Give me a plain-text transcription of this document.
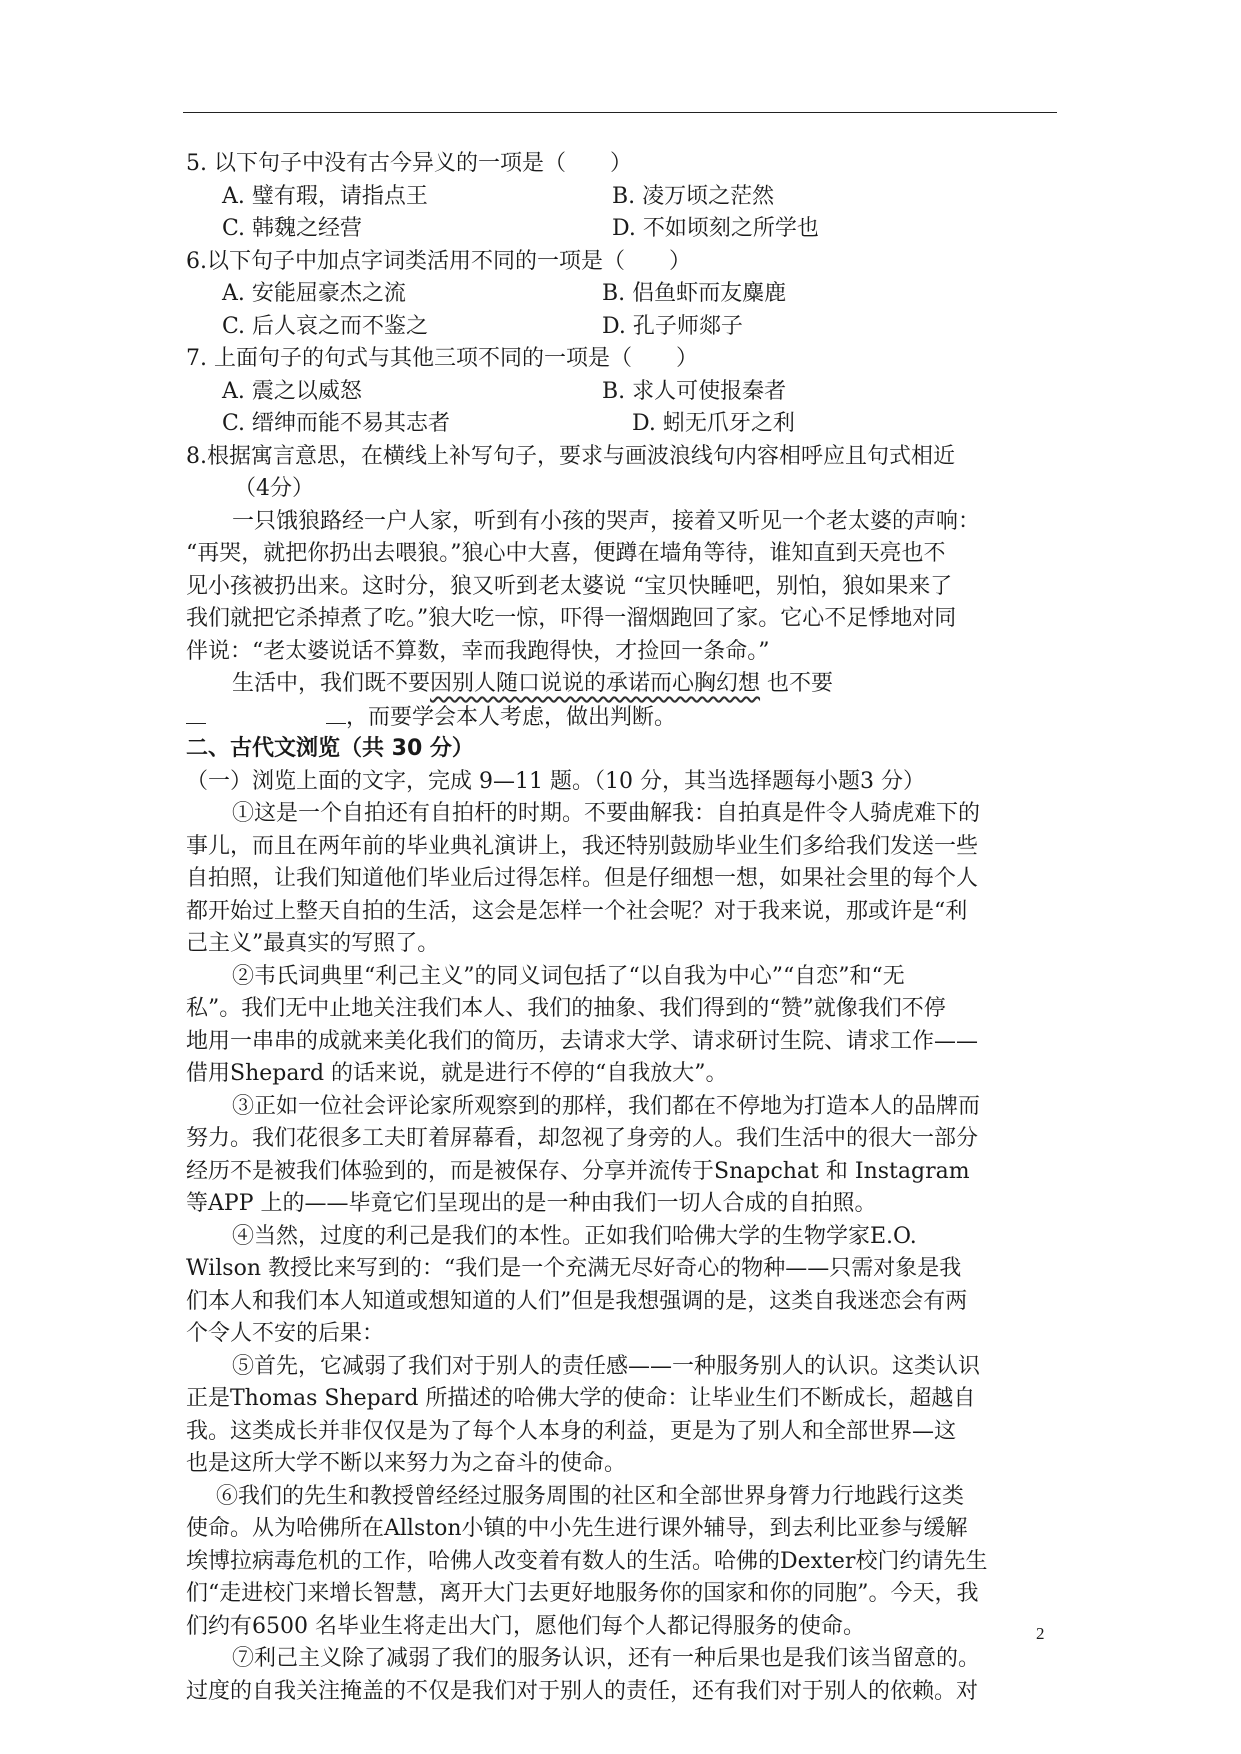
5. 以下句子中没有古今异义的一项是（　　）
A. 璧有瑕，请指点王	B. 凌万顷之茫然
C. 韩魏之经营	D. 不如顷刻之所学也
6.以下句子中加点字词类活用不同的一项是（　　）
A. 安能屈豪杰之流	B. 侣鱼虾而友麋鹿
C. 后人哀之而不鉴之	D. 孔子师郯子
7. 上面句子的句式与其他三项不同的一项是（　　）
A. 震之以威怒	B. 求人可使报秦者
C. 缙绅而能不易其志者	D. 蚓无爪牙之利
8.根据寓言意思，在横线上补写句子，要求与画波浪线句内容相呼应且句式相近
（4分）
一只饿狼路经一户人家，听到有小孩的哭声，接着又听见一个老太婆的声响：
“再哭，就把你扔出去喂狼。”狼心中大喜，便蹲在墙角等待，谁知直到天亮也不
见小孩被扔出来。这时分，狼又听到老太婆说 “宝贝快睡吧，别怕，狼如果来了
我们就把它杀掉煮了吃。”狼大吃一惊，吓得一溜烟跑回了家。它心不足悸地对同
伴说：“老太婆说话不算数，幸而我跑得快，才捡回一条命。”
生活中，我们既不要因别人随口说说的承诺而心胸幻想 也不要
，而要学会本人考虑，做出判断。
二、古代文浏览（共 30 分）
（一）浏览上面的文字，完成 9—11 题。（10 分，其当选择题每小题3 分）
①这是一个自拍还有自拍杆的时期。不要曲解我：自拍真是件令人骑虎难下的
事儿，而且在两年前的毕业典礼演讲上，我还特别鼓励毕业生们多给我们发送一些
自拍照，让我们知道他们毕业后过得怎样。但是仔细想一想，如果社会里的每个人
都开始过上整天自拍的生活，这会是怎样一个社会呢？对于我来说，那或许是“利
己主义”最真实的写照了。
②韦氏词典里“利己主义”的同义词包括了“以自我为中心”“自恋”和“无
私”。我们无中止地关注我们本人、我们的抽象、我们得到的“赞”就像我们不停
地用一串串的成就来美化我们的简历，去请求大学、请求研讨生院、请求工作——
借用Shepard 的话来说，就是进行不停的“自我放大”。
③正如一位社会评论家所观察到的那样，我们都在不停地为打造本人的品牌而
努力。我们花很多工夫盯着屏幕看，却忽视了身旁的人。我们生活中的很大一部分
经历不是被我们体验到的，而是被保存、分享并流传于Snapchat 和 Instagram
等APP 上的——毕竟它们呈现出的是一种由我们一切人合成的自拍照。
④当然，过度的利己是我们的本性。正如我们哈佛大学的生物学家E.O.
Wilson 教授比来写到的：“我们是一个充满无尽好奇心的物种——只需对象是我
们本人和我们本人知道或想知道的人们”但是我想强调的是，这类自我迷恋会有两
个令人不安的后果：
⑤首先，它减弱了我们对于别人的责任感——一种服务别人的认识。这类认识
正是Thomas Shepard 所描述的哈佛大学的使命：让毕业生们不断成长，超越自
我。这类成长并非仅仅是为了每个人本身的利益，更是为了别人和全部世界—这
也是这所大学不断以来努力为之奋斗的使命。
⑥我们的先生和教授曾经经过服务周围的社区和全部世界身膂力行地践行这类
使命。从为哈佛所在Allston小镇的中小先生进行课外辅导，到去利比亚参与缓解
埃博拉病毒危机的工作，哈佛人改变着有数人的生活。哈佛的Dexter校门约请先生
们“走进校门来增长智慧，离开大门去更好地服务你的国家和你的同胞”。今天，我
们约有6500 名毕业生将走出大门，愿他们每个人都记得服务的使命。
⑦利己主义除了减弱了我们的服务认识，还有一种后果也是我们该当留意的。
过度的自我关注掩盖的不仅是我们对于别人的责任，还有我们对于别人的依赖。对
2
